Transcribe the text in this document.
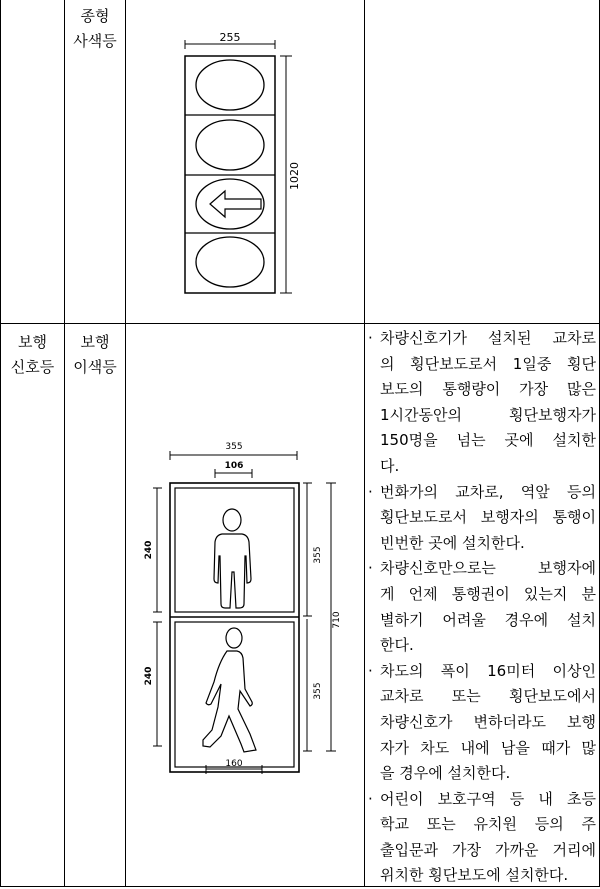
종형
사색등
보행
신호등
보행
이색등
255
1020
355
106
240
240
355
355
710
160
· 차량신호기가 설치된 교차로
의 횡단보도로서 1일중 횡단
보도의 통행량이 가장 많은
1시간동안의 횡단보행자가
150명을 넘는 곳에 설치한
다.
· 번화가의 교차로, 역앞 등의
횡단보도로서 보행자의 통행이
빈번한 곳에 설치한다.
· 차량신호만으로는 보행자에
게 언제 통행권이 있는지 분
별하기 어려울 경우에 설치
한다.
· 차도의 폭이 16미터 이상인
교차로 또는 횡단보도에서
차량신호가 변하더라도 보행
자가 차도 내에 남을 때가 많
을 경우에 설치한다.
· 어린이 보호구역 등 내 초등
학교 또는 유치원 등의 주
출입문과 가장 가까운 거리에
위치한 횡단보도에 설치한다.
